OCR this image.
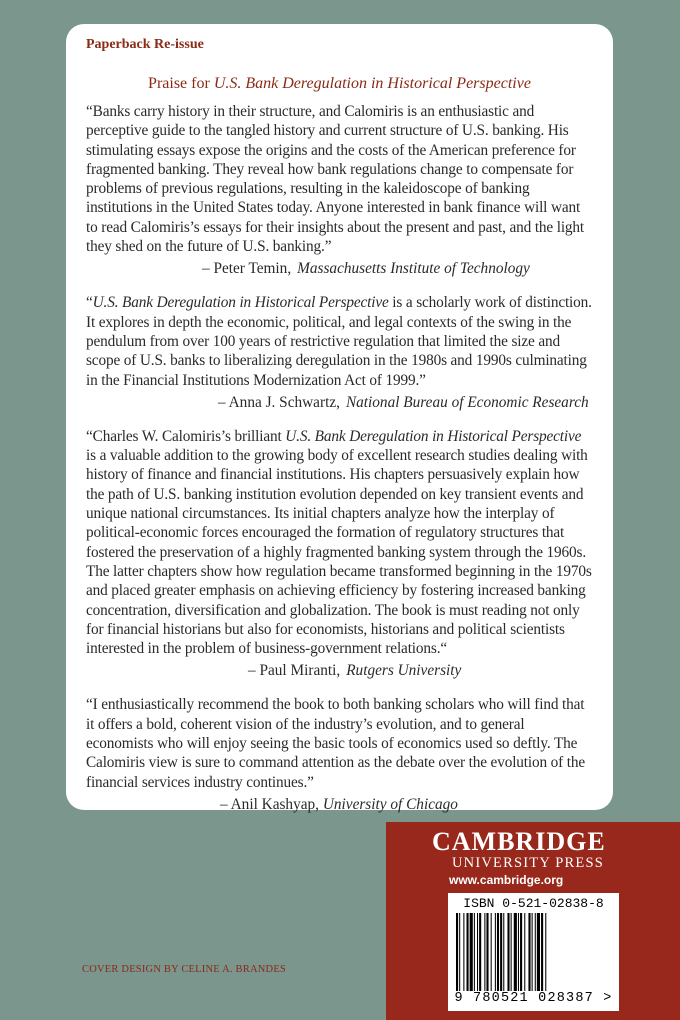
Paperback Re-issue
Praise for U.S. Bank Deregulation in Historical Perspective

“Banks carry history in their structure, and Calomiris is an enthusiastic and perceptive guide to the tangled history and current structure of U.S. banking. His stimulating essays expose the origins and the costs of the American preference for fragmented banking. They reveal how bank regulations change to compensate for problems of previous regulations, resulting in the kaleidoscope of banking institutions in the United States today. Anyone interested in bank finance will want to read Calomiris’s essays for their insights about the present and past, and the light they shed on the future of U.S. banking.”

– Peter Temin, Massachusetts Institute of Technology

“U.S. Bank Deregulation in Historical Perspective is a scholarly work of distinction. It explores in depth the economic, political, and legal contexts of the swing in the pendulum from over 100 years of restrictive regulation that limited the size and scope of U.S. banks to liberalizing deregulation in the 1980s and 1990s culminating in the Financial Institutions Modernization Act of 1999.”

– Anna J. Schwartz, National Bureau of Economic Research

“Charles W. Calomiris’s brilliant U.S. Bank Deregulation in Historical Perspective is a valuable addition to the growing body of excellent research studies dealing with history of finance and financial institutions. His chapters persuasively explain how the path of U.S. banking institution evolution depended on key transient events and unique national circumstances. Its initial chapters analyze how the interplay of political-economic forces encouraged the formation of regulatory structures that fostered the preservation of a highly fragmented banking system through the 1960s. The latter chapters show how regulation became transformed beginning in the 1970s and placed greater emphasis on achieving efficiency by fostering increased banking concentration, diversification and globalization. The book is must reading not only for financial historians but also for economists, historians and political scientists interested in the problem of business-government relations.“

– Paul Miranti, Rutgers University

“I enthusiastically recommend the book to both banking scholars who will find that it offers a bold, coherent vision of the industry’s evolution, and to general economists who will enjoy seeing the basic tools of economics used so deftly. The Calomiris view is sure to command attention as the debate over the evolution of the financial services industry continues.”

– Anil Kashyap, University of Chicago
CAMBRIDGE
UNIVERSITY PRESS
www.cambridge.org
ISBN 0-521-02838-8
9 780521 028387 >
COVER DESIGN BY CELINE A. BRANDES
